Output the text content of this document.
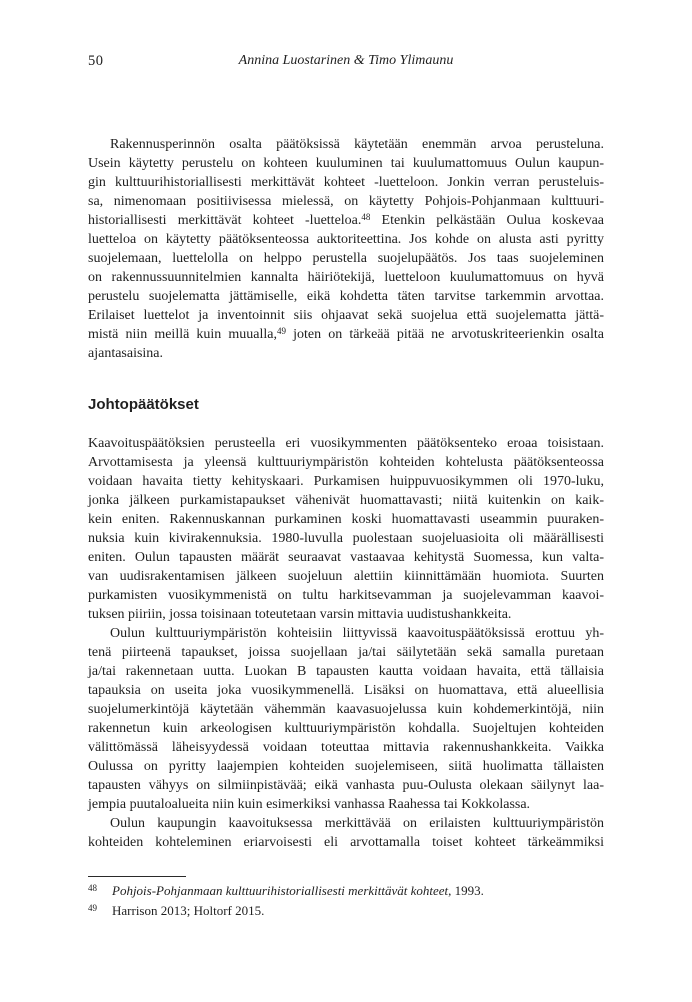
50	Annina Luostarinen & Timo Ylimaunu
Rakennusperinnön osalta päätöksissä käytetään enemmän arvoa perusteluna.
Usein käytetty perustelu on kohteen kuuluminen tai kuulumattomuus Oulun kaupun-
gin kulttuurihistoriallisesti merkittävät kohteet -luetteloon. Jonkin verran perusteluis-
sa, nimenomaan positiivisessa mielessä, on käytetty Pohjois-Pohjanmaan kulttuuri-
historiallisesti merkittävät kohteet -luetteloa.$^{48}$ Etenkin pelkästään Oulua koskevaa
luetteloa on käytetty päätöksenteossa auktoriteettina. Jos kohde on alusta asti pyritty
suojelemaan, luettelolla on helppo perustella suojelupäätös. Jos taas suojeleminen
on rakennussuunnitelmien kannalta häiriötekijä, luetteloon kuulumattomuus on hyvä
perustelu suojelematta jättämiselle, eikä kohdetta täten tarvitse tarkemmin arvottaa.
Erilaiset luettelot ja inventoinnit siis ohjaavat sekä suojelua että suojelematta jättä-
mistä niin meillä kuin muualla,$^{49}$ joten on tärkeää pitää ne arvotuskriteerienkin osalta
ajantasaisina.
Johtopäätökset
Kaavoituspäätöksien perusteella eri vuosikymmenten päätöksenteko eroaa toisistaan.
Arvottamisesta ja yleensä kulttuuriympäristön kohteiden kohtelusta päätöksenteossa
voidaan havaita tietty kehityskaari. Purkamisen huippuvuosikymmen oli 1970-luku,
jonka jälkeen purkamistapaukset vähenivät huomattavasti; niitä kuitenkin on kaik-
kein eniten. Rakennuskannan purkaminen koski huomattavasti useammin puuraken-
nuksia kuin kivirakennuksia. 1980-luvulla puolestaan suojeluasioita oli määrällisesti
eniten. Oulun tapausten määrät seuraavat vastaavaa kehitystä Suomessa, kun valta-
van uudisrakentamisen jälkeen suojeluun alettiin kiinnittämään huomiota. Suurten
purkamisten vuosikymmenistä on tultu harkitsevamman ja suojelevamman kaavoi-
tuksen piiriin, jossa toisinaan toteutetaan varsin mittavia uudistushankkeita.
Oulun kulttuuriympäristön kohteisiin liittyvissä kaavoituspäätöksissä erottuu yh-
tenä piirteenä tapaukset, joissa suojellaan ja/tai säilytetään sekä samalla puretaan
ja/tai rakennetaan uutta. Luokan B tapausten kautta voidaan havaita, että tällaisia
tapauksia on useita joka vuosikymmenellä. Lisäksi on huomattava, että alueellisia
suojelumerkintöjä käytetään vähemmän kaavasuojelussa kuin kohdemerkintöjä, niin
rakennetun kuin arkeologisen kulttuuriympäristön kohdalla. Suojeltujen kohteiden
välittömässä läheisyydessä voidaan toteuttaa mittavia rakennushankkeita. Vaikka
Oulussa on pyritty laajempien kohteiden suojelemiseen, siitä huolimatta tällaisten
tapausten vähyys on silmiinpistävää; eikä vanhasta puu-Oulusta olekaan säilynyt laa-
jempia puutaloalueita niin kuin esimerkiksi vanhassa Raahessa tai Kokkolassa.
Oulun kaupungin kaavoituksessa merkittävää on erilaisten kulttuuriympäristön
kohteiden kohteleminen eriarvoisesti eli arvottamalla toiset kohteet tärkeämmiksi
48 Pohjois-Pohjanmaan kulttuurihistoriallisesti merkittävät kohteet, 1993.
49 Harrison 2013; Holtorf 2015.
